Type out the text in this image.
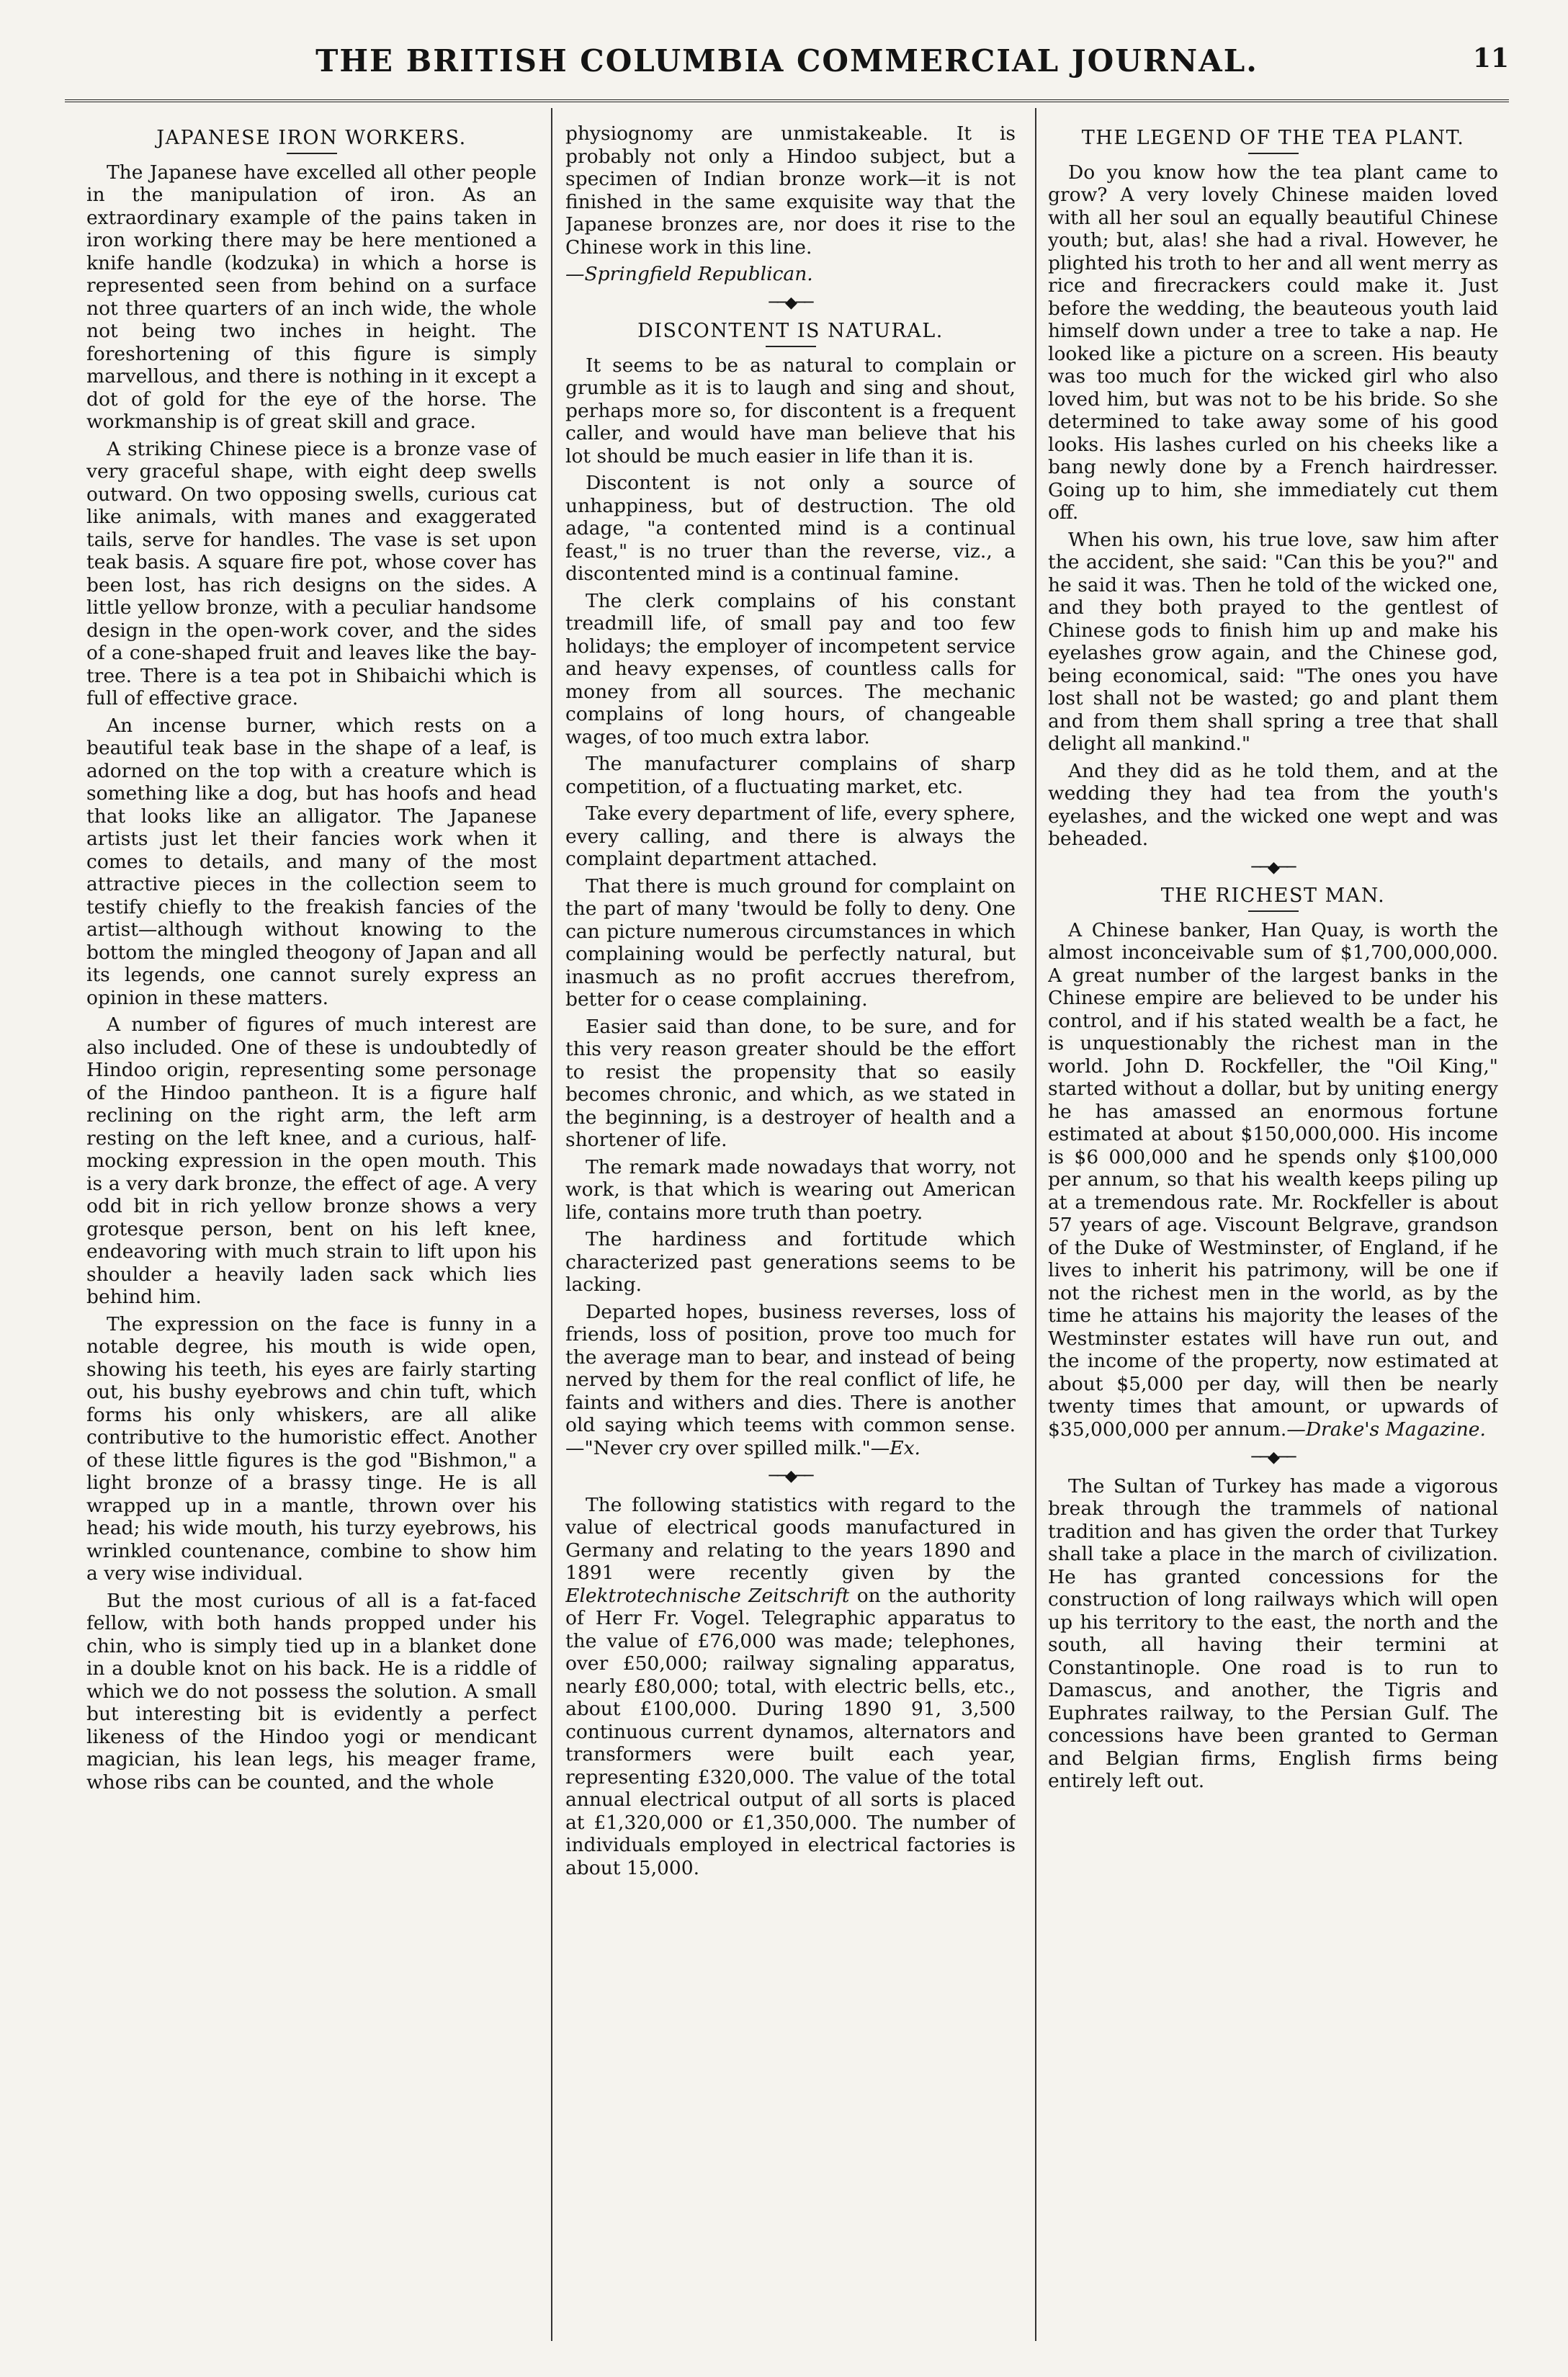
THE BRITISH COLUMBIA COMMERCIAL JOURNAL.	11
JAPANESE IRON WORKERS.

The Japanese have excelled all other people in the manipulation of iron. As an extraordinary example of the pains taken in iron working there may be here mentioned a knife handle (kodzuka) in which a horse is represented seen from behind on a surface not three quarters of an inch wide, the whole not being two inches in height. The foreshortening of this figure is simply marvellous, and there is nothing in it except a dot of gold for the eye of the horse. The workmanship is of great skill and grace.

A striking Chinese piece is a bronze vase of very graceful shape, with eight deep swells outward. On two opposing swells, curious cat like animals, with manes and exaggerated tails, serve for handles. The vase is set upon teak basis. A square fire pot, whose cover has been lost, has rich designs on the sides. A little yellow bronze, with a peculiar handsome design in the open-work cover, and the sides of a cone-shaped fruit and leaves like the bay-tree. There is a tea pot in Shibaichi which is full of effective grace.

An incense burner, which rests on a beautiful teak base in the shape of a leaf, is adorned on the top with a creature which is something like a dog, but has hoofs and head that looks like an alligator. The Japanese artists just let their fancies work when it comes to details, and many of the most attractive pieces in the collection seem to testify chiefly to the freakish fancies of the artist—although without knowing to the bottom the mingled theogony of Japan and all its legends, one cannot surely express an opinion in these matters.

A number of figures of much interest are also included. One of these is undoubtedly of Hindoo origin, representing some personage of the Hindoo pantheon. It is a figure half reclining on the right arm, the left arm resting on the left knee, and a curious, half-mocking expression in the open mouth. This is a very dark bronze, the effect of age. A very odd bit in rich yellow bronze shows a very grotesque person, bent on his left knee, endeavoring with much strain to lift upon his shoulder a heavily laden sack which lies behind him.

The expression on the face is funny in a notable degree, his mouth is wide open, showing his teeth, his eyes are fairly starting out, his bushy eyebrows and chin tuft, which forms his only whiskers, are all alike contributive to the humoristic effect. Another of these little figures is the god "Bishmon," a light bronze of a brassy tinge. He is all wrapped up in a mantle, thrown over his head; his wide mouth, his turzy eyebrows, his wrinkled countenance, combine to show him a very wise individual.

But the most curious of all is a fat-faced fellow, with both hands propped under his chin, who is simply tied up in a blanket done in a double knot on his back. He is a riddle of which we do not possess the solution. A small but interesting bit is evidently a perfect likeness of the Hindoo yogi or mendicant magician, his lean legs, his meager frame, whose ribs can be counted, and the whole

physiognomy are unmistakeable. It is probably not only a Hindoo subject, but a specimen of Indian bronze work—it is not finished in the same exquisite way that the Japanese bronzes are, nor does it rise to the Chinese work in this line.

—Springfield Republican.

──◆──
DISCONTENT IS NATURAL.

It seems to be as natural to complain or grumble as it is to laugh and sing and shout, perhaps more so, for discontent is a frequent caller, and would have man believe that his lot should be much easier in life than it is.

Discontent is not only a source of unhappiness, but of destruction. The old adage, "a contented mind is a continual feast," is no truer than the reverse, viz., a discontented mind is a continual famine.

The clerk complains of his constant treadmill life, of small pay and too few holidays; the employer of incompetent service and heavy expenses, of countless calls for money from all sources. The mechanic complains of long hours, of changeable wages, of too much extra labor.

The manufacturer complains of sharp competition, of a fluctuating market, etc.

Take every department of life, every sphere, every calling, and there is always the complaint department attached.

That there is much ground for complaint on the part of many 'twould be folly to deny. One can picture numerous circumstances in which complaining would be perfectly natural, but inasmuch as no profit accrues therefrom, better for o cease complaining.

Easier said than done, to be sure, and for this very reason greater should be the effort to resist the propensity that so easily becomes chronic, and which, as we stated in the beginning, is a destroyer of health and a shortener of life.

The remark made nowadays that worry, not work, is that which is wearing out American life, contains more truth than poetry.

The hardiness and fortitude which characterized past generations seems to be lacking.

Departed hopes, business reverses, loss of friends, loss of position, prove too much for the average man to bear, and instead of being nerved by them for the real conflict of life, he faints and withers and dies. There is another old saying which teems with common sense.—"Never cry over spilled milk."—Ex.

──◆──

The following statistics with regard to the value of electrical goods manufactured in Germany and relating to the years 1890 and 1891 were recently given by the Elektrotechnische Zeitschrift on the authority of Herr Fr. Vogel. Telegraphic apparatus to the value of £76,000 was made; telephones, over £50,000; railway signaling apparatus, nearly £80,000; total, with electric bells, etc., about £100,000. During 1890 91, 3,500 continuous current dynamos, alternators and transformers were built each year, representing £320,000. The value of the total annual electrical output of all sorts is placed at £1,320,000 or £1,350,000. The number of individuals employed in electrical factories is about 15,000.

THE LEGEND OF THE TEA PLANT.

Do you know how the tea plant came to grow? A very lovely Chinese maiden loved with all her soul an equally beautiful Chinese youth; but, alas! she had a rival. However, he plighted his troth to her and all went merry as rice and firecrackers could make it. Just before the wedding, the beauteous youth laid himself down under a tree to take a nap. He looked like a picture on a screen. His beauty was too much for the wicked girl who also loved him, but was not to be his bride. So she determined to take away some of his good looks. His lashes curled on his cheeks like a bang newly done by a French hairdresser. Going up to him, she immediately cut them off.

When his own, his true love, saw him after the accident, she said: "Can this be you?" and he said it was. Then he told of the wicked one, and they both prayed to the gentlest of Chinese gods to finish him up and make his eyelashes grow again, and the Chinese god, being economical, said: "The ones you have lost shall not be wasted; go and plant them and from them shall spring a tree that shall delight all mankind."

And they did as he told them, and at the wedding they had tea from the youth's eyelashes, and the wicked one wept and was beheaded.

──◆──
THE RICHEST MAN.

A Chinese banker, Han Quay, is worth the almost inconceivable sum of $1,700,000,000. A great number of the largest banks in the Chinese empire are believed to be under his control, and if his stated wealth be a fact, he is unquestionably the richest man in the world. John D. Rockfeller, the "Oil King," started without a dollar, but by uniting energy he has amassed an enormous fortune estimated at about $150,000,000. His income is $6 000,000 and he spends only $100,000 per annum, so that his wealth keeps piling up at a tremendous rate. Mr. Rockfeller is about 57 years of age. Viscount Belgrave, grandson of the Duke of Westminster, of England, if he lives to inherit his patrimony, will be one if not the richest men in the world, as by the time he attains his majority the leases of the Westminster estates will have run out, and the income of the property, now estimated at about $5,000 per day, will then be nearly twenty times that amount, or upwards of $35,000,000 per annum.—Drake's Magazine.

──◆──

The Sultan of Turkey has made a vigorous break through the trammels of national tradition and has given the order that Turkey shall take a place in the march of civilization. He has granted concessions for the construction of long railways which will open up his territory to the east, the north and the south, all having their termini at Constantinople. One road is to run to Damascus, and another, the Tigris and Euphrates railway, to the Persian Gulf. The concessions have been granted to German and Belgian firms, English firms being entirely left out.
